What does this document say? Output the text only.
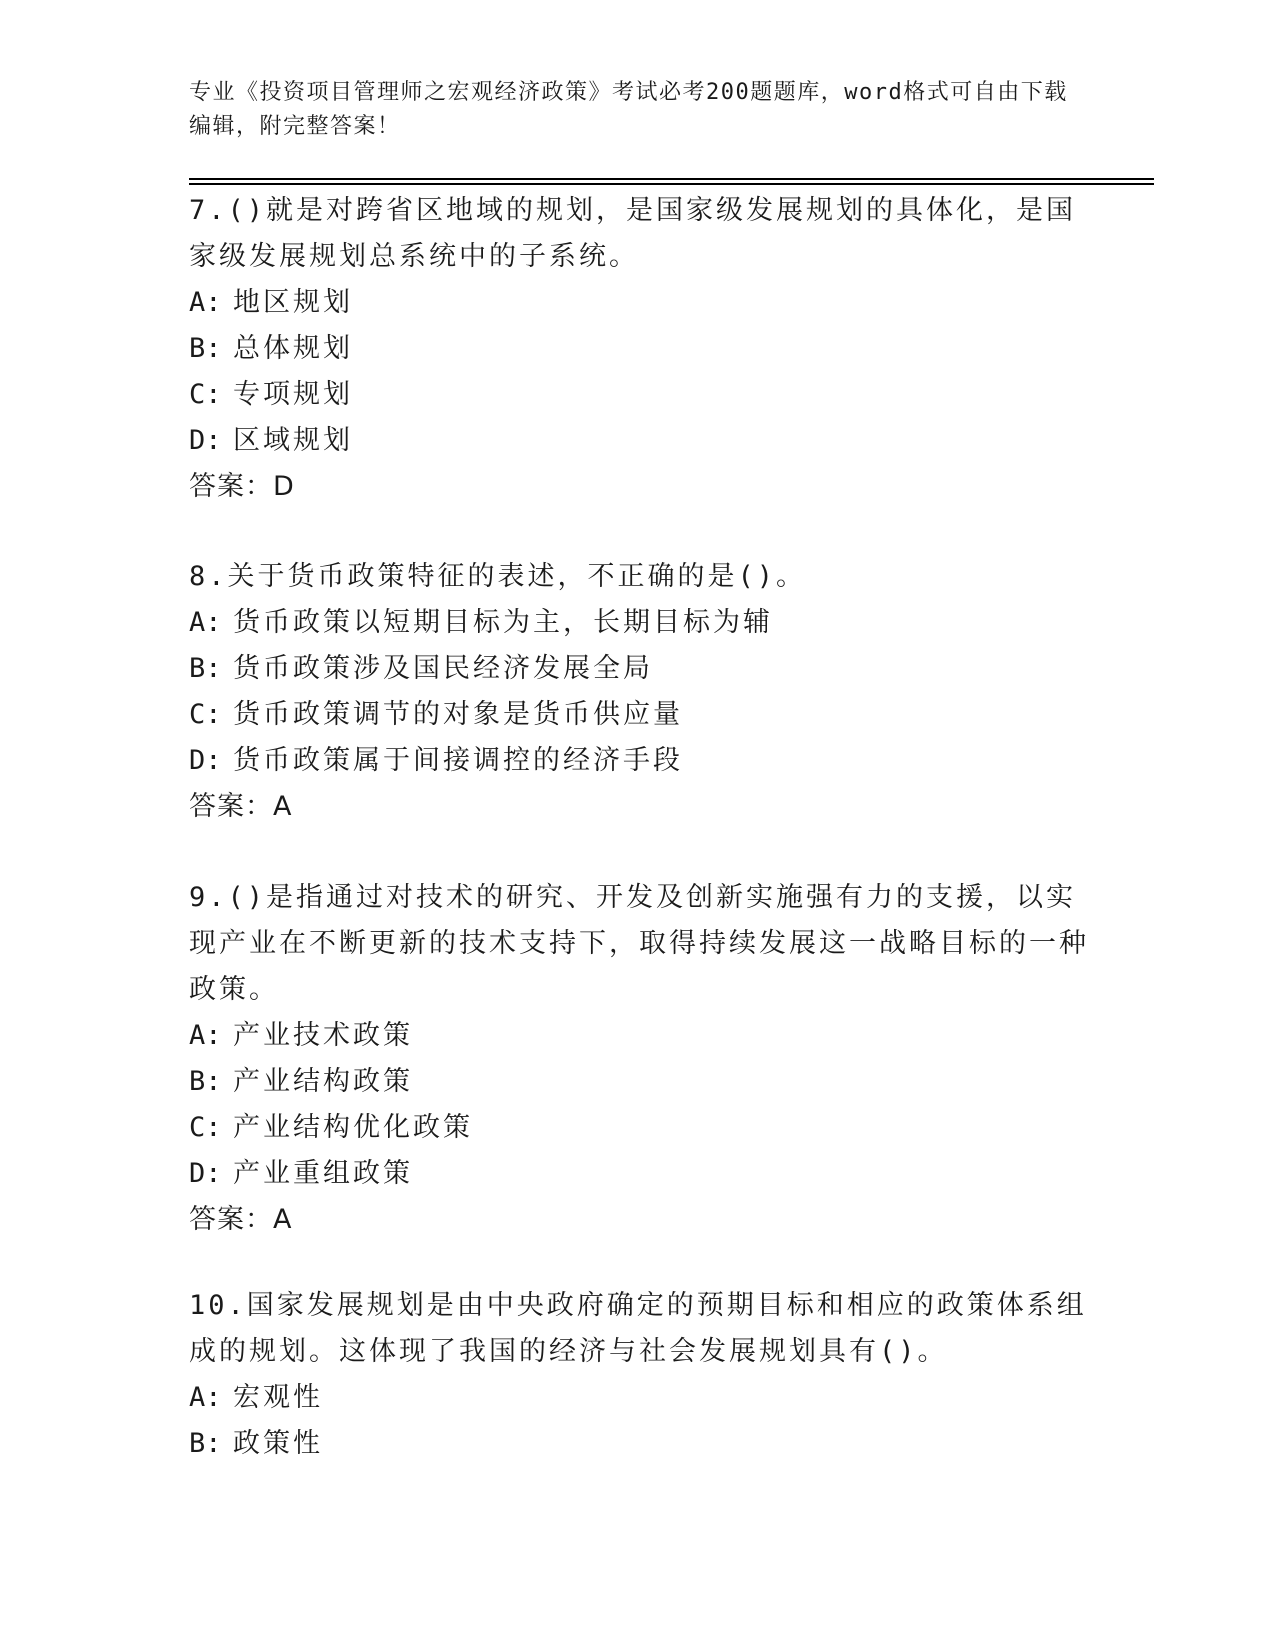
专业《投资项目管理师之宏观经济政策》考试必考200题题库，word格式可自由下载编辑，附完整答案！
7.()就是对跨省区地域的规划，是国家级发展规划的具体化，是国家级发展规划总系统中的子系统。
A: 地区规划
B: 总体规划
C: 专项规划
D: 区域规划
答案：D
8.关于货币政策特征的表述，不正确的是()。
A: 货币政策以短期目标为主，长期目标为辅
B: 货币政策涉及国民经济发展全局
C: 货币政策调节的对象是货币供应量
D: 货币政策属于间接调控的经济手段
答案：A
9.()是指通过对技术的研究、开发及创新实施强有力的支援，以实现产业在不断更新的技术支持下，取得持续发展这一战略目标的一种政策。
A: 产业技术政策
B: 产业结构政策
C: 产业结构优化政策
D: 产业重组政策
答案：A
10.国家发展规划是由中央政府确定的预期目标和相应的政策体系组成的规划。这体现了我国的经济与社会发展规划具有()。
A: 宏观性
B: 政策性
